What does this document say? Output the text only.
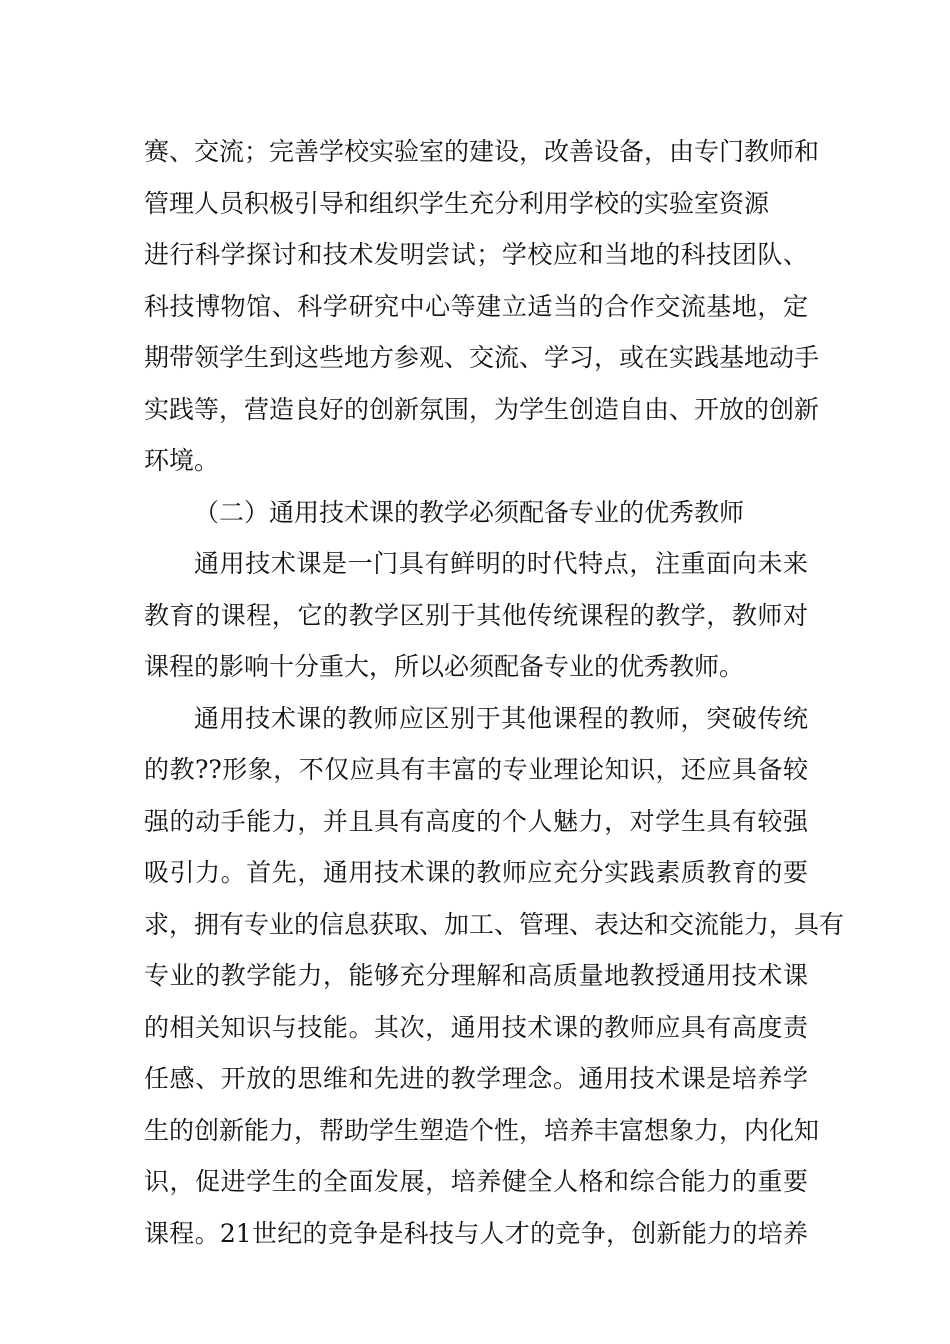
赛、交流；完善学校实验室的建设，改善设备，由专门教师和
管理人员积极引导和组织学生充分利用学校的实验室资源
进行科学探讨和技术发明尝试；学校应和当地的科技团队、
科技博物馆、科学研究中心等建立适当的合作交流基地，定
期带领学生到这些地方参观、交流、学习，或在实践基地动手
实践等，营造良好的创新氛围，为学生创造自由、开放的创新
环境。
（二）通用技术课的教学必须配备专业的优秀教师
通用技术课是一门具有鲜明的时代特点，注重面向未来
教育的课程，它的教学区别于其他传统课程的教学，教师对
课程的影响十分重大，所以必须配备专业的优秀教师。
通用技术课的教师应区别于其他课程的教师，突破传统
的教??形象，不仅应具有丰富的专业理论知识，还应具备较
强的动手能力，并且具有高度的个人魅力，对学生具有较强
吸引力。首先，通用技术课的教师应充分实践素质教育的要
求，拥有专业的信息获取、加工、管理、表达和交流能力，具有
专业的教学能力，能够充分理解和高质量地教授通用技术课
的相关知识与技能。其次，通用技术课的教师应具有高度责
任感、开放的思维和先进的教学理念。通用技术课是培养学
生的创新能力，帮助学生塑造个性，培养丰富想象力，内化知
识，促进学生的全面发展，培养健全人格和综合能力的重要
课程。21世纪的竞争是科技与人才的竞争，创新能力的培养
